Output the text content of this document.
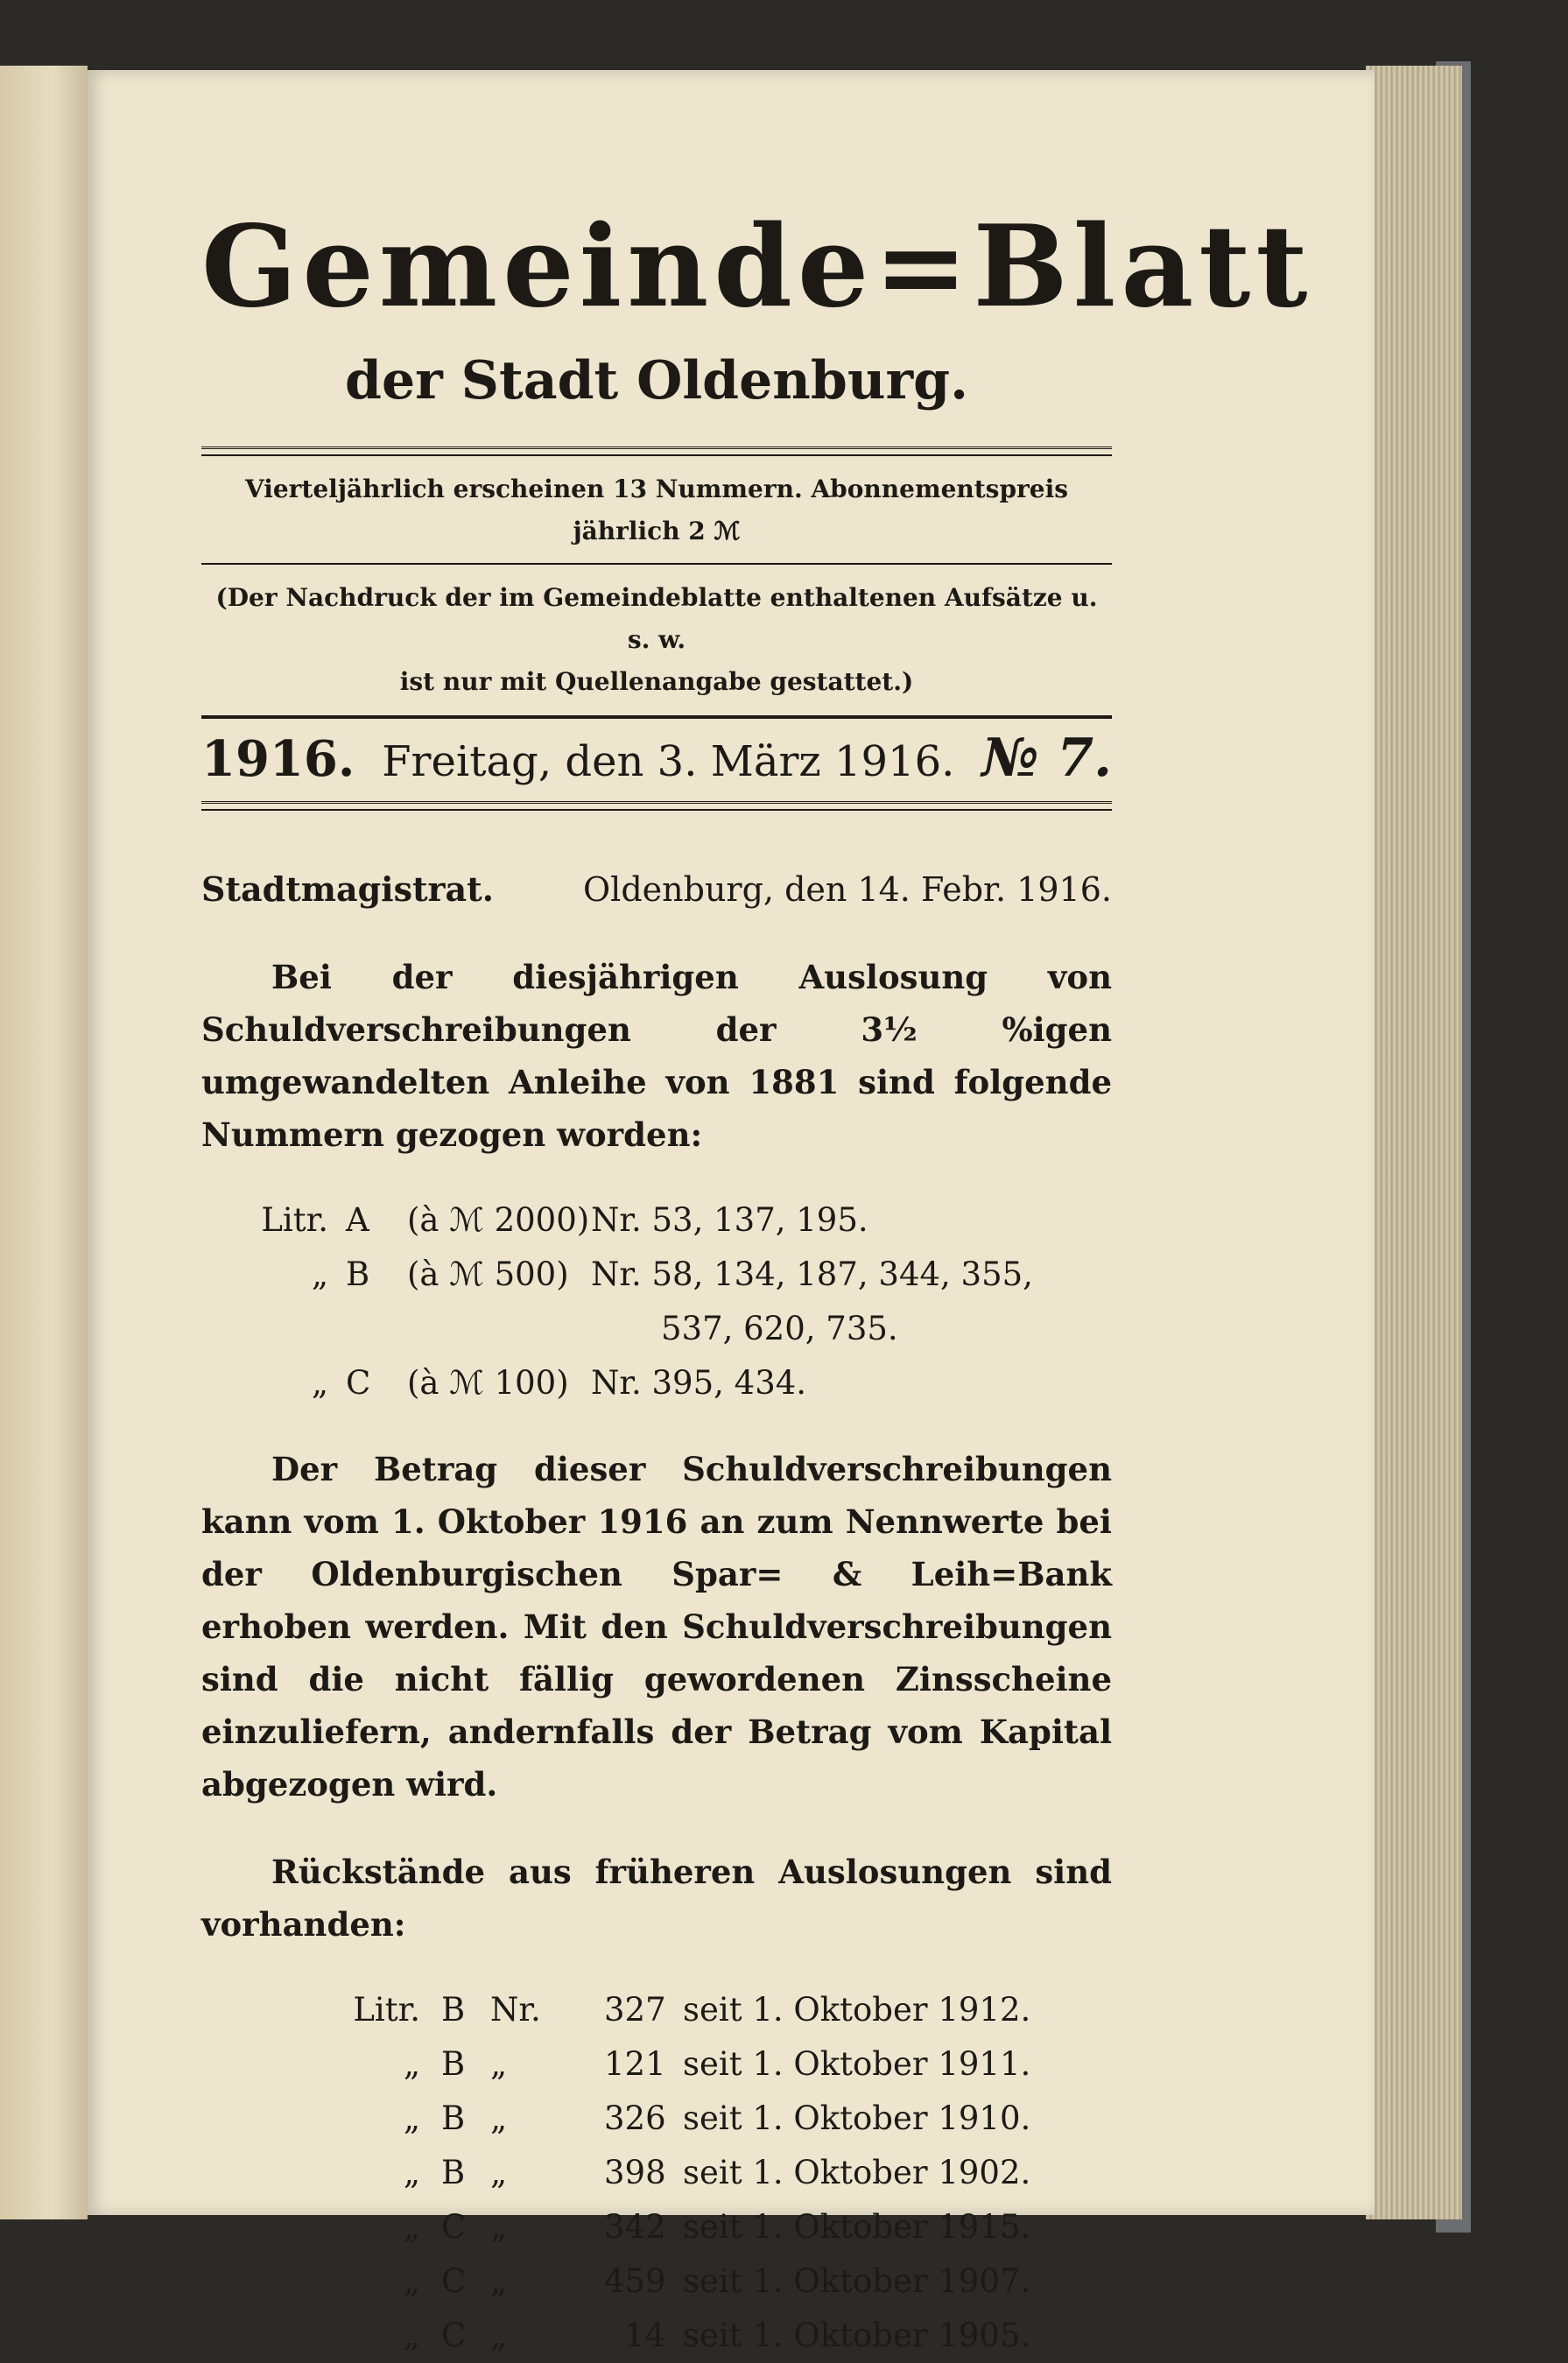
Gemeinde=Blatt
der Stadt Oldenburg.
Vierteljährlich erscheinen 13 Nummern. Abonnementspreis jährlich 2 ℳ
(Der Nachdruck der im Gemeindeblatte enthaltenen Aufsätze u. s. w.
ist nur mit Quellenangabe gestattet.)
1916. Freitag, den 3. März 1916. № 7.
Stadtmagistrat.	Oldenburg, den 14. Febr. 1916.

Bei der diesjährigen Auslosung von Schuldverschreibungen der 3½ %igen umgewandelten Anleihe von 1881 sind folgende Nummern gezogen worden:

Litr. A	(à ℳ 2000) Nr. 53, 137, 195.
„ B	(à ℳ 500) Nr. 58, 134, 187, 344, 355,
537, 620, 735.
„ C	(à ℳ 100) Nr. 395, 434.

Der Betrag dieser Schuldverschreibungen kann vom 1. Oktober 1916 an zum Nennwerte bei der Oldenburgischen Spar= & Leih=Bank erhoben werden. Mit den Schuldverschreibungen sind die nicht fällig gewordenen Zinsscheine einzuliefern, andernfalls der Betrag vom Kapital abgezogen wird.

Rückstände aus früheren Auslosungen sind vorhanden:

Litr. B Nr.	327 seit 1. Oktober 1912.
„ B „	121 seit 1. Oktober 1911.
„ B „	326 seit 1. Oktober 1910.
„ B „	398 seit 1. Oktober 1902.
„ C „	342 seit 1. Oktober 1915.
„ C „	459 seit 1. Oktober 1907.
„ C „	14 seit 1. Oktober 1905.
